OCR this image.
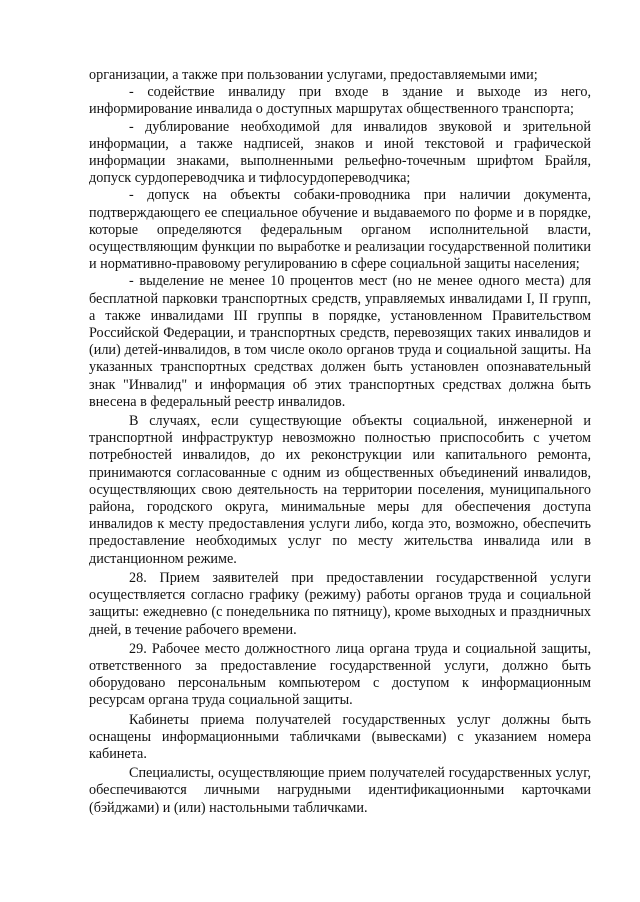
организации, а также при пользовании услугами, предоставляемыми ими;

- содействие инвалиду при входе в здание и выходе из него, информирование инвалида о доступных маршрутах общественного транспорта;

- дублирование необходимой для инвалидов звуковой и зрительной информации, а также надписей, знаков и иной текстовой и графической информации знаками, выполненными рельефно-точечным шрифтом Брайля, допуск сурдопереводчика и тифлосурдопереводчика;

- допуск на объекты собаки-проводника при наличии документа, подтверждающего ее специальное обучение и выдаваемого по форме и в порядке, которые определяются федеральным органом исполнительной власти, осуществляющим функции по выработке и реализации государственной политики и нормативно-правовому регулированию в сфере социальной защиты населения;

- выделение не менее 10 процентов мест (но не менее одного места) для бесплатной парковки транспортных средств, управляемых инвалидами I, II групп, а также инвалидами III группы в порядке, установленном Правительством Российской Федерации, и транспортных средств, перевозящих таких инвалидов и (или) детей-инвалидов, в том числе около органов труда и социальной защиты. На указанных транспортных средствах должен быть установлен опознавательный знак "Инвалид" и информация об этих транспортных средствах должна быть внесена в федеральный реестр инвалидов.

В случаях, если существующие объекты социальной, инженерной и транспортной инфраструктур невозможно полностью приспособить с учетом потребностей инвалидов, до их реконструкции или капитального ремонта, принимаются согласованные с одним из общественных объединений инвалидов, осуществляющих свою деятельность на территории поселения, муниципального района, городского округа, минимальные меры для обеспечения доступа инвалидов к месту предоставления услуги либо, когда это, возможно, обеспечить предоставление необходимых услуг по месту жительства инвалида или в дистанционном режиме.

28. Прием заявителей при предоставлении государственной услуги осуществляется согласно графику (режиму) работы органов труда и социальной защиты: ежедневно (с понедельника по пятницу), кроме выходных и праздничных дней, в течение рабочего времени.

29. Рабочее место должностного лица органа труда и социальной защиты, ответственного за предоставление государственной услуги, должно быть оборудовано персональным компьютером с доступом к информационным ресурсам органа труда социальной защиты.

Кабинеты приема получателей государственных услуг должны быть оснащены информационными табличками (вывесками) с указанием номера кабинета.

Специалисты, осуществляющие прием получателей государственных услуг, обеспечиваются личными нагрудными идентификационными карточками (бэйджами) и (или) настольными табличками.
